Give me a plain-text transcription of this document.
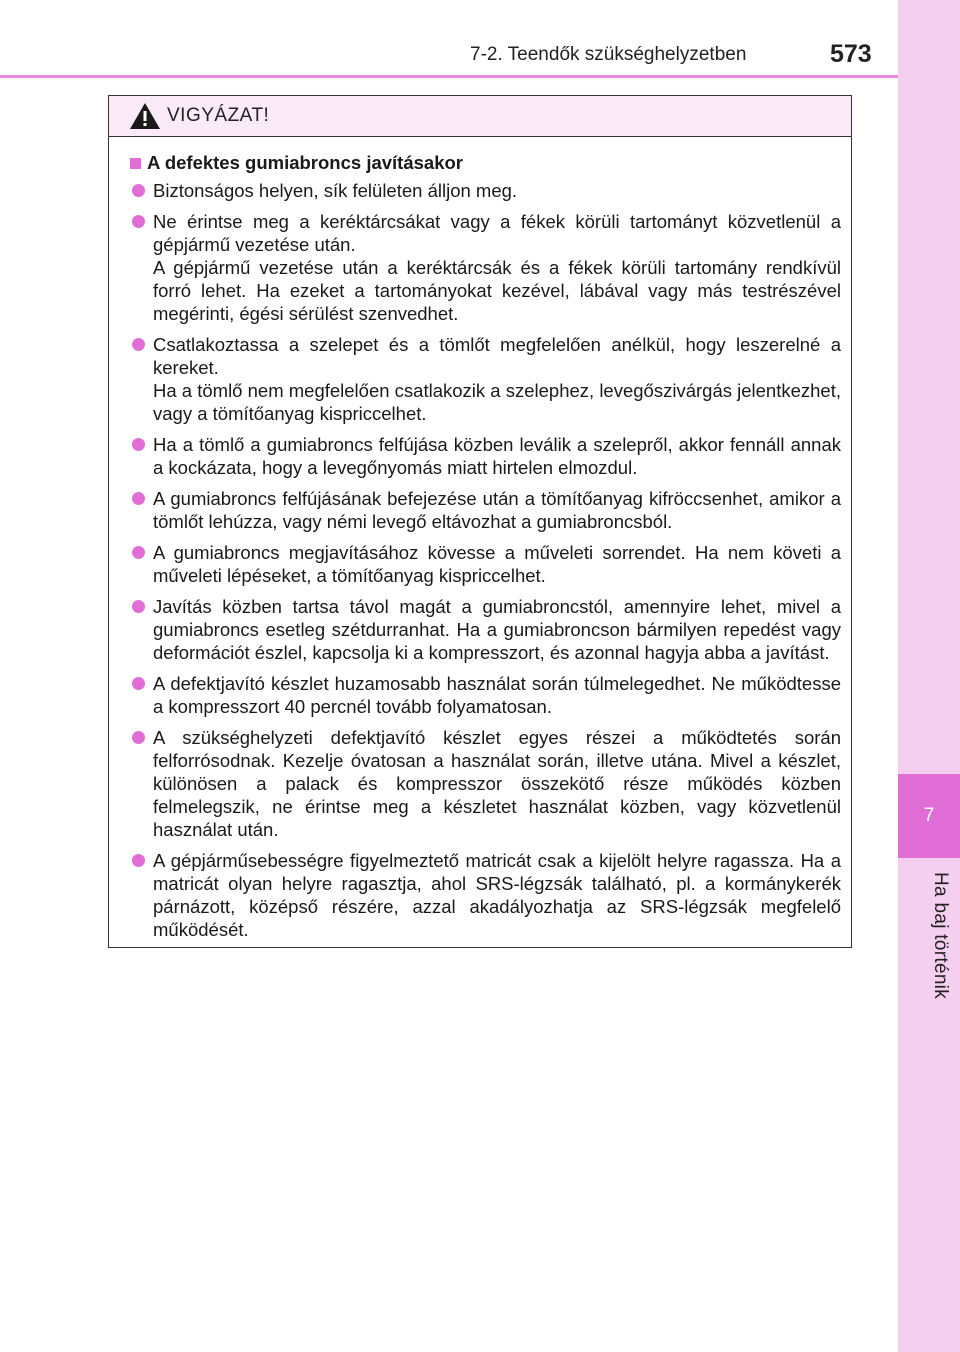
7-2. Teendők szükséghelyzetben	573
7
Ha baj történik
VIGYÁZAT!
A defektes gumiabroncs javításakor
Biztonságos helyen, sík felületen álljon meg.
Ne érintse meg a keréktárcsákat vagy a fékek körüli tartományt közvetlenül a gépjármű vezetése után.
A gépjármű vezetése után a keréktárcsák és a fékek körüli tartomány rendkívül forró lehet. Ha ezeket a tartományokat kezével, lábával vagy más testrészével megérinti, égési sérülést szenvedhet.
Csatlakoztassa a szelepet és a tömlőt megfelelően anélkül, hogy leszerelné a kereket.
Ha a tömlő nem megfelelően csatlakozik a szelephez, levegőszivárgás jelentkezhet, vagy a tömítőanyag kispriccelhet.
Ha a tömlő a gumiabroncs felfújása közben leválik a szelepről, akkor fennáll annak a kockázata, hogy a levegőnyomás miatt hirtelen elmozdul.
A gumiabroncs felfújásának befejezése után a tömítőanyag kifröccsenhet, amikor a tömlőt lehúzza, vagy némi levegő eltávozhat a gumiabroncsból.
A gumiabroncs megjavításához kövesse a műveleti sorrendet. Ha nem követi a műveleti lépéseket, a tömítőanyag kispriccelhet.
Javítás közben tartsa távol magát a gumiabroncstól, amennyire lehet, mivel a gumiabroncs esetleg szétdurranhat. Ha a gumiabroncson bármilyen repedést vagy deformációt észlel, kapcsolja ki a kompresszort, és azonnal hagyja abba a javítást.
A defektjavító készlet huzamosabb használat során túlmelegedhet. Ne működtesse a kompresszort 40 percnél tovább folyamatosan.
A szükséghelyzeti defektjavító készlet egyes részei a működtetés során felforrósodnak. Kezelje óvatosan a használat során, illetve utána. Mivel a készlet, különösen a palack és kompresszor összekötő része működés közben felmelegszik, ne érintse meg a készletet használat közben, vagy közvetlenül használat után.
A gépjárműsebességre figyelmeztető matricát csak a kijelölt helyre ragassza. Ha a matricát olyan helyre ragasztja, ahol SRS-légzsák található, pl. a kormánykerék párnázott, középső részére, azzal akadályozhatja az SRS-légzsák megfelelő működését.
